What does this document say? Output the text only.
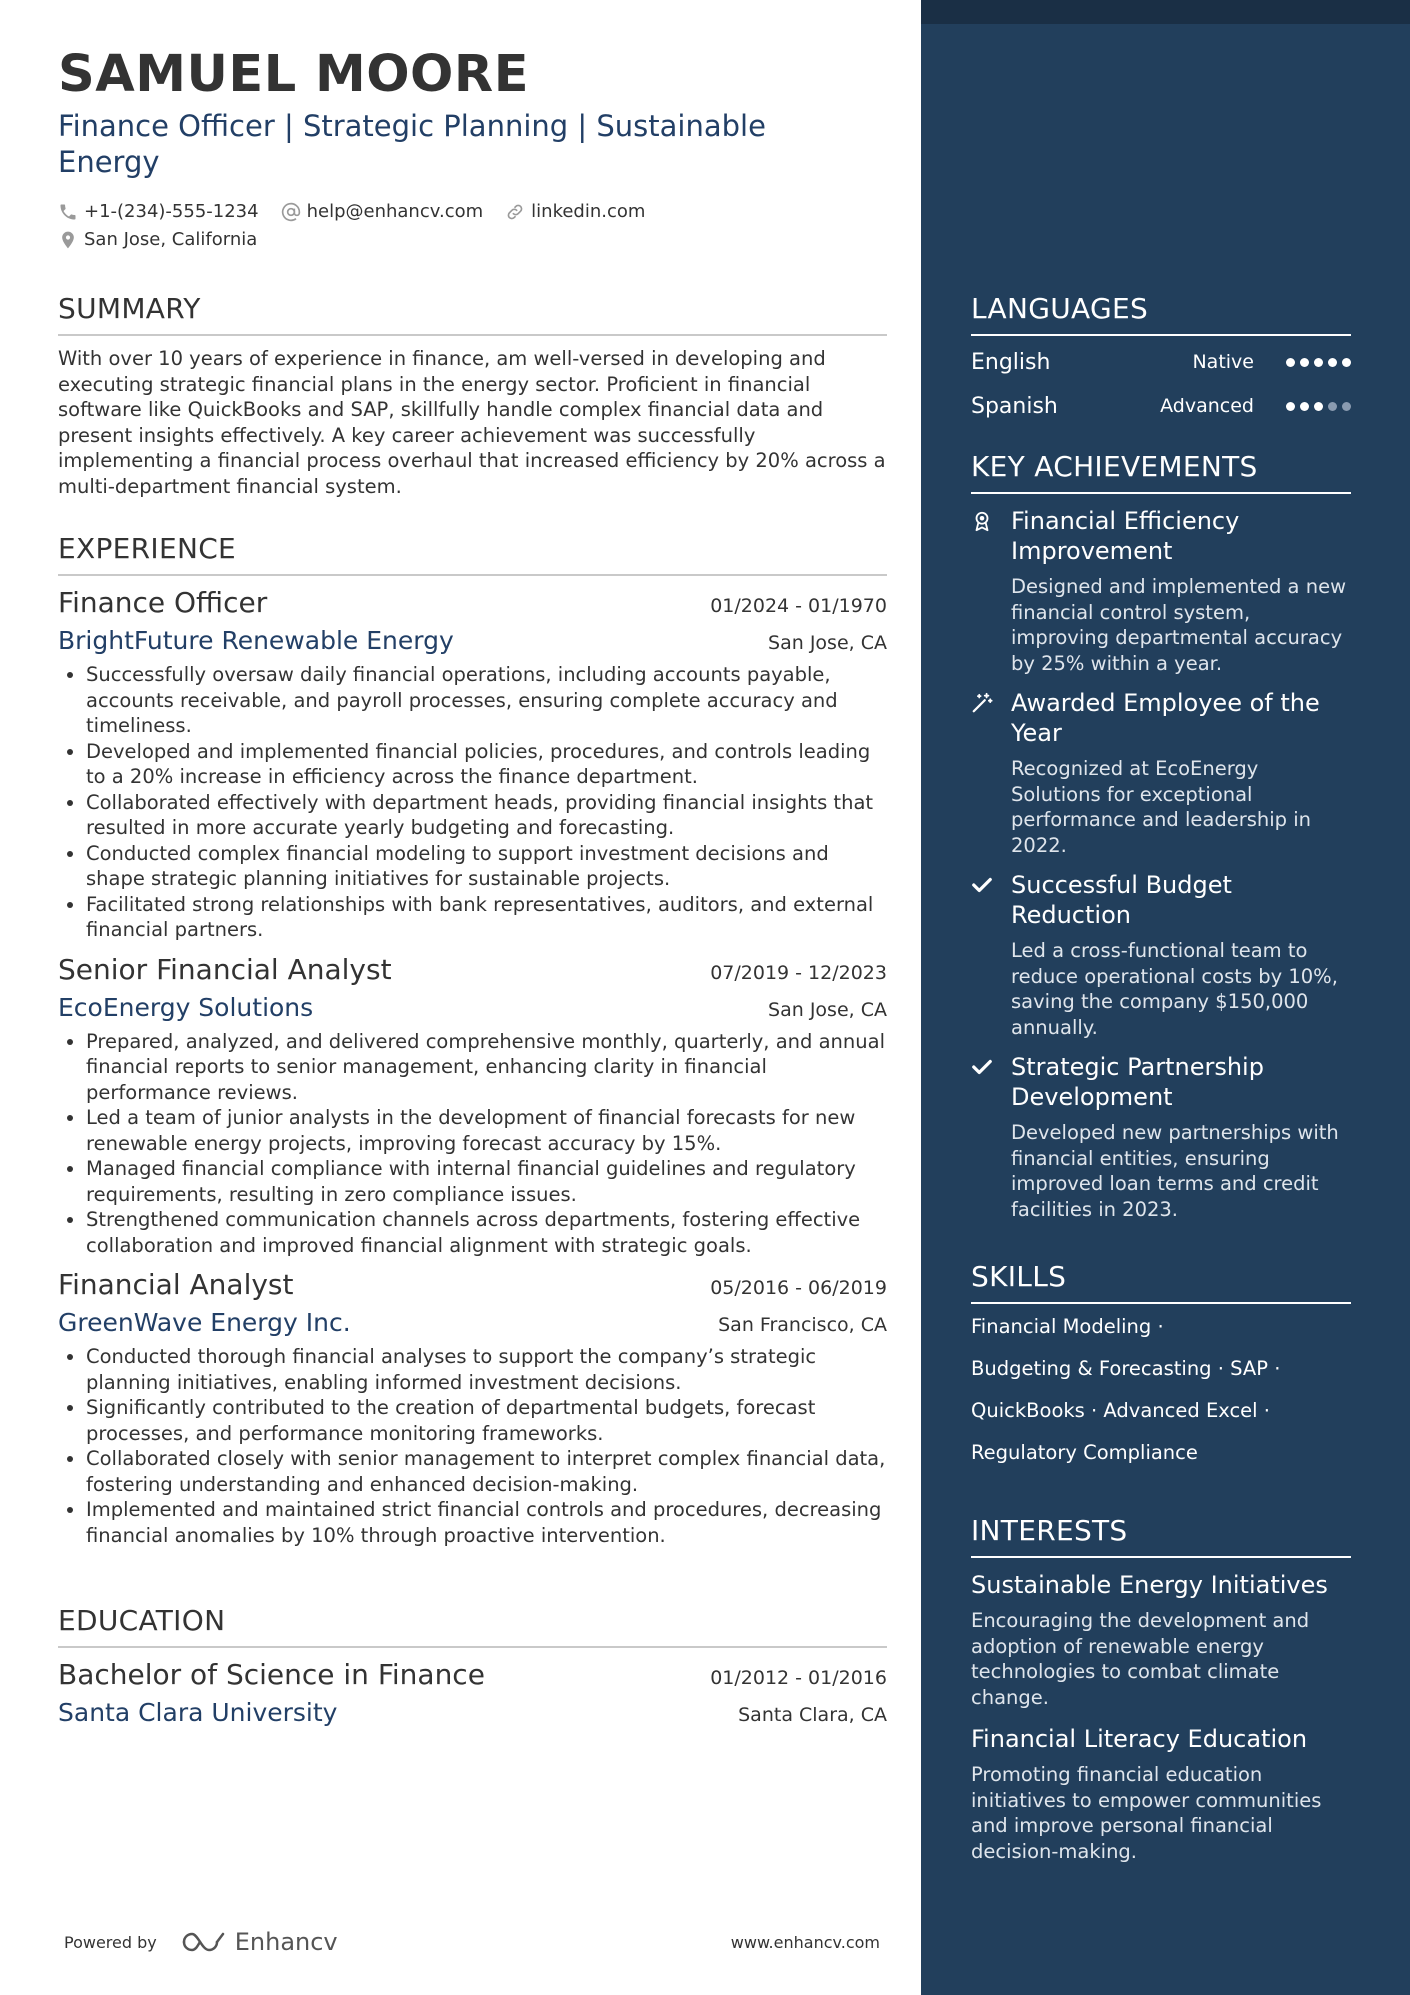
SAMUEL MOORE
Finance Officer | Strategic Planning | Sustainable Energy
+1-(234)-555-1234	help@enhancv.com	linkedin.com
San Jose, California
SUMMARY
With over 10 years of experience in finance, am well-versed in developing and executing strategic financial plans in the energy sector. Proficient in financial software like QuickBooks and SAP, skillfully handle complex financial data and present insights effectively. A key career achievement was successfully implementing a financial process overhaul that increased efficiency by 20% across a multi-department financial system.
EXPERIENCE
Finance Officer	01/2024 - 01/1970
BrightFuture Renewable Energy	San Jose, CA
• Successfully oversaw daily financial operations, including accounts payable, accounts receivable, and payroll processes, ensuring complete accuracy and timeliness.
• Developed and implemented financial policies, procedures, and controls leading to a 20% increase in efficiency across the finance department.
• Collaborated effectively with department heads, providing financial insights that resulted in more accurate yearly budgeting and forecasting.
• Conducted complex financial modeling to support investment decisions and shape strategic planning initiatives for sustainable projects.
• Facilitated strong relationships with bank representatives, auditors, and external financial partners.
Senior Financial Analyst	07/2019 - 12/2023
EcoEnergy Solutions	San Jose, CA
• Prepared, analyzed, and delivered comprehensive monthly, quarterly, and annual financial reports to senior management, enhancing clarity in financial performance reviews.
• Led a team of junior analysts in the development of financial forecasts for new renewable energy projects, improving forecast accuracy by 15%.
• Managed financial compliance with internal financial guidelines and regulatory requirements, resulting in zero compliance issues.
• Strengthened communication channels across departments, fostering effective collaboration and improved financial alignment with strategic goals.
Financial Analyst	05/2016 - 06/2019
GreenWave Energy Inc.	San Francisco, CA
• Conducted thorough financial analyses to support the company’s strategic planning initiatives, enabling informed investment decisions.
• Significantly contributed to the creation of departmental budgets, forecast processes, and performance monitoring frameworks.
• Collaborated closely with senior management to interpret complex financial data, fostering understanding and enhanced decision-making.
• Implemented and maintained strict financial controls and procedures, decreasing financial anomalies by 10% through proactive intervention.
EDUCATION
Bachelor of Science in Finance	01/2012 - 01/2016
Santa Clara University	Santa Clara, CA
Powered by	Enhancv	www.enhancv.com
LANGUAGES
English	Native
Spanish	Advanced
KEY ACHIEVEMENTS
Financial Efficiency Improvement
Designed and implemented a new financial control system, improving departmental accuracy by 25% within a year.
Awarded Employee of the Year
Recognized at EcoEnergy Solutions for exceptional performance and leadership in 2022.
Successful Budget Reduction
Led a cross-functional team to reduce operational costs by 10%, saving the company $150,000 annually.
Strategic Partnership Development
Developed new partnerships with financial entities, ensuring improved loan terms and credit facilities in 2023.
SKILLS
Financial Modeling ·
Budgeting & Forecasting · SAP ·
QuickBooks · Advanced Excel ·
Regulatory Compliance
INTERESTS
Sustainable Energy Initiatives
Encouraging the development and adoption of renewable energy technologies to combat climate change.
Financial Literacy Education
Promoting financial education initiatives to empower communities and improve personal financial decision-making.
